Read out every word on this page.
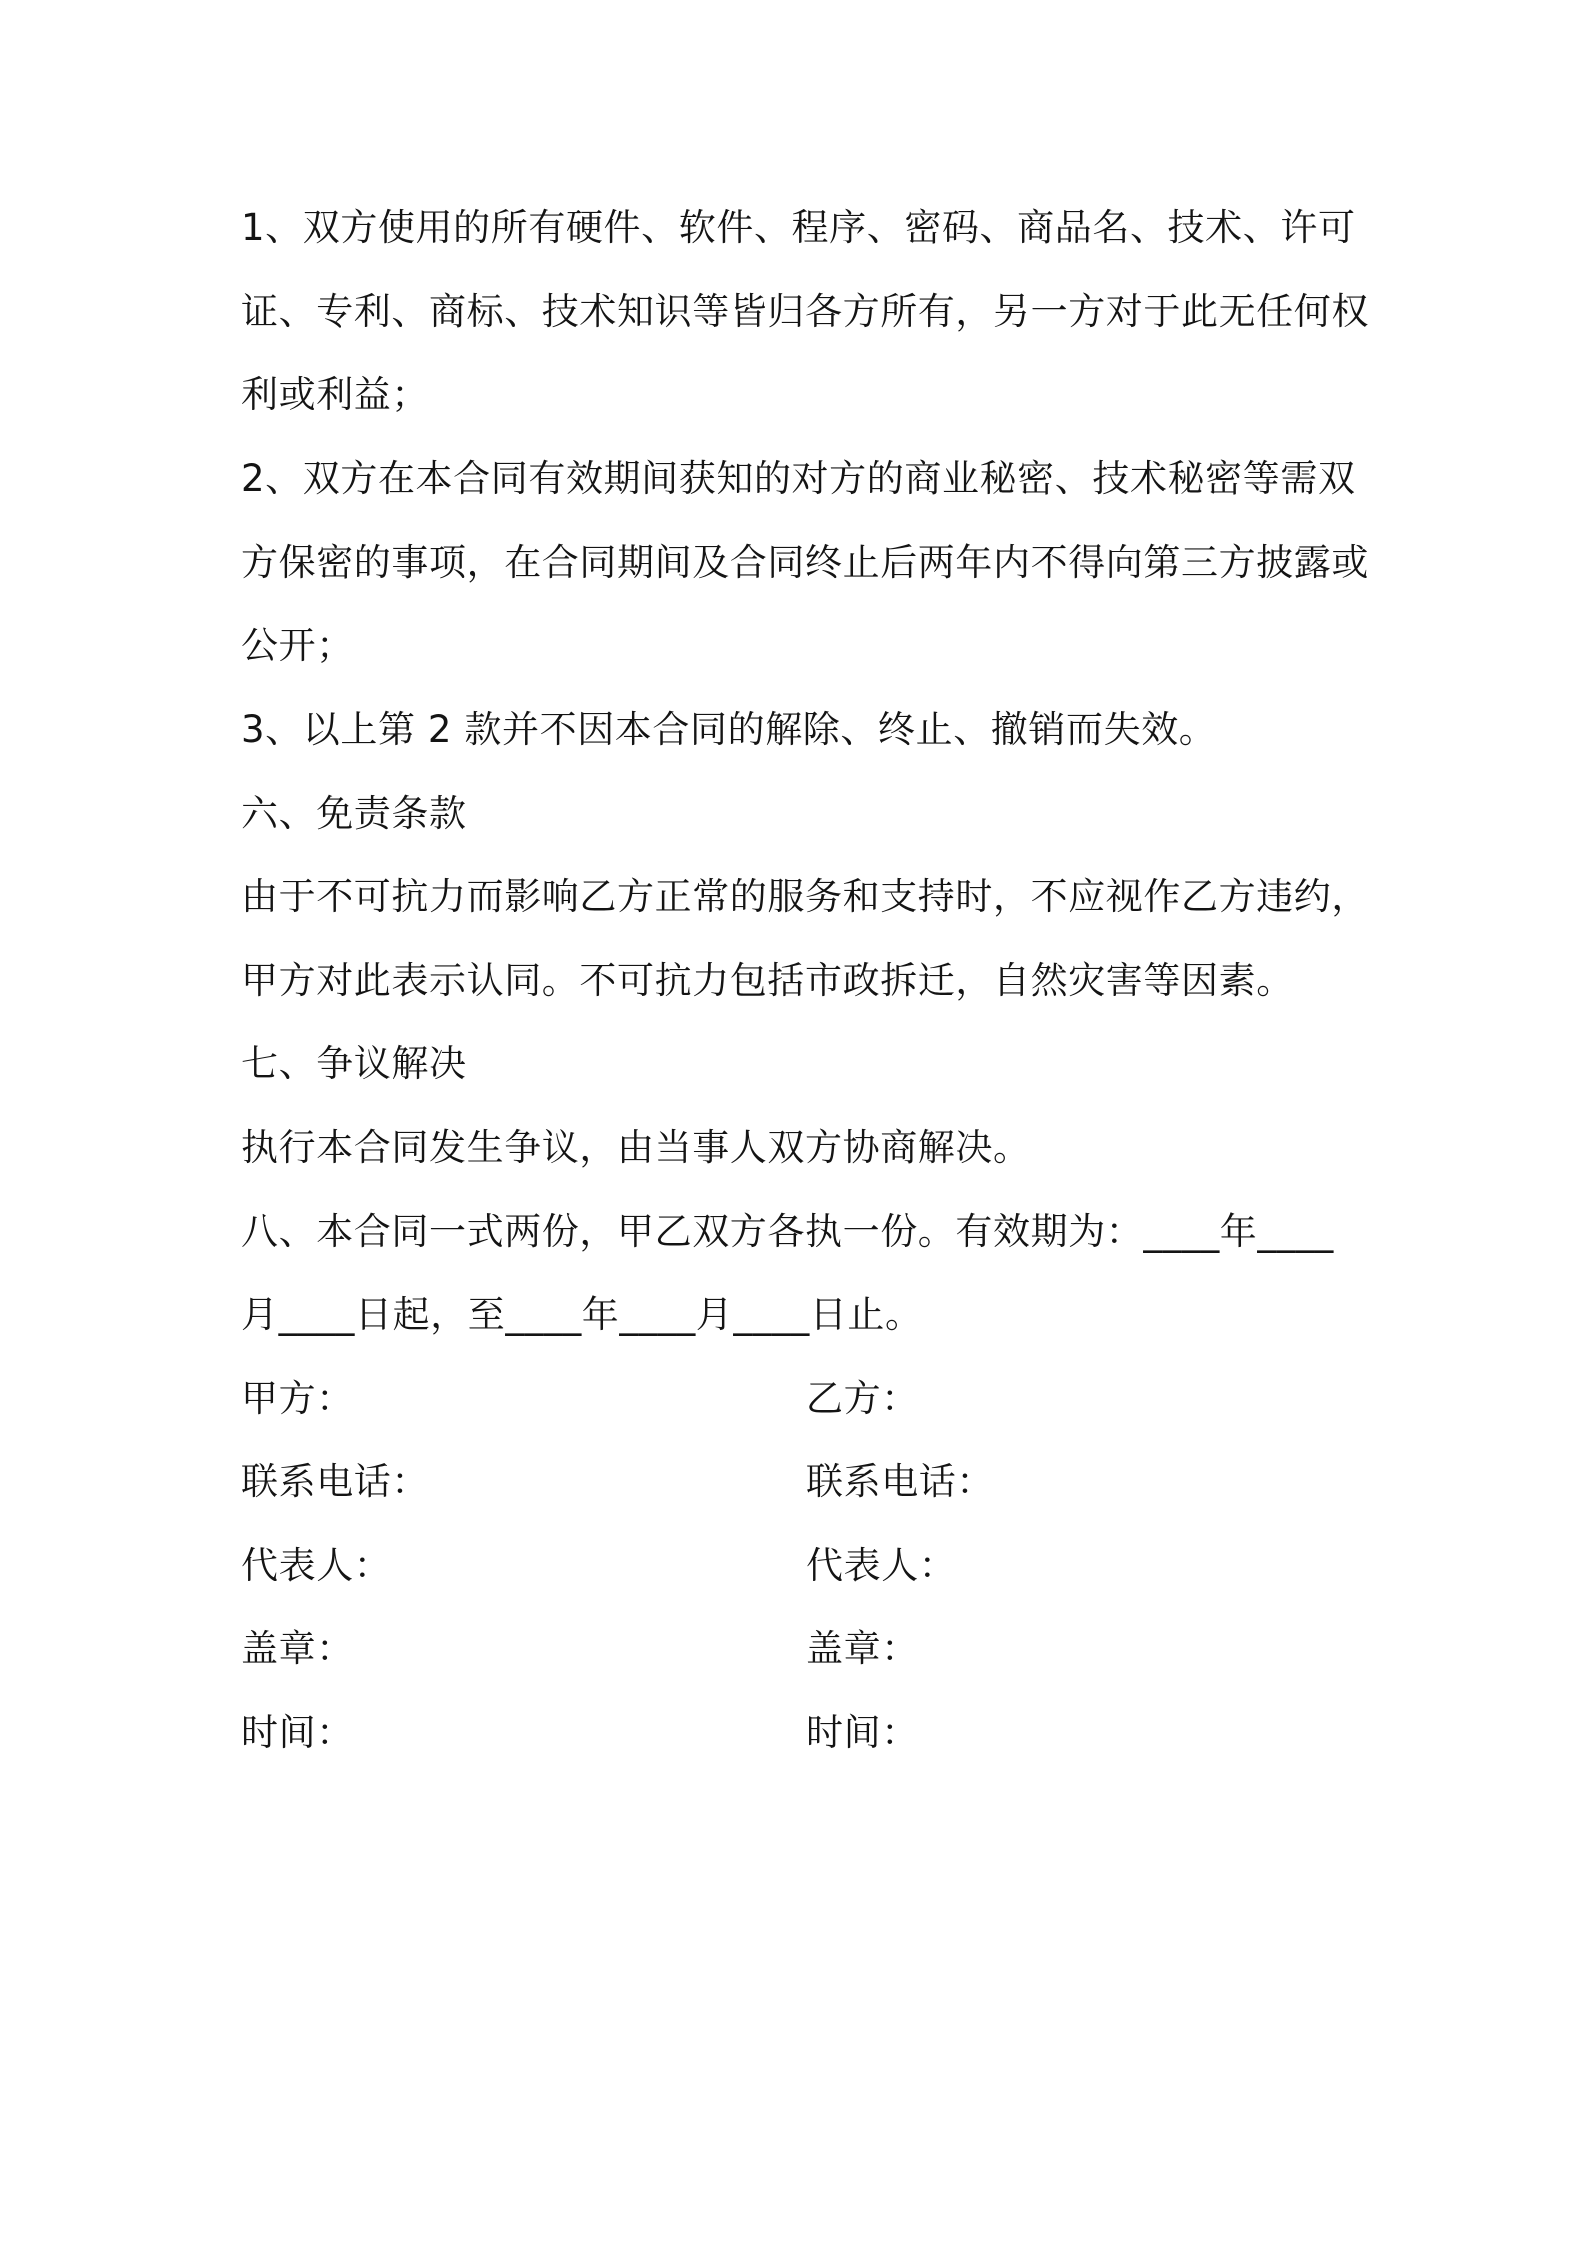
1、双方使用的所有硬件、软件、程序、密码、商品名、技术、许可
证、专利、商标、技术知识等皆归各方所有，另一方对于此无任何权
利或利益；
2、双方在本合同有效期间获知的对方的商业秘密、技术秘密等需双
方保密的事项，在合同期间及合同终止后两年内不得向第三方披露或
公开；
3、以上第 2 款并不因本合同的解除、终止、撤销而失效。
六、免责条款
由于不可抗力而影响乙方正常的服务和支持时，不应视作乙方违约，
甲方对此表示认同。不可抗力包括市政拆迁，自然灾害等因素。
七、争议解决
执行本合同发生争议，由当事人双方协商解决。
八、本合同一式两份，甲乙双方各执一份。有效期为：____年____
月____日起，至____年____月____日止。
甲方：	乙方：
联系电话：	联系电话：
代表人：	代表人：
盖章：	盖章：
时间：	时间：
